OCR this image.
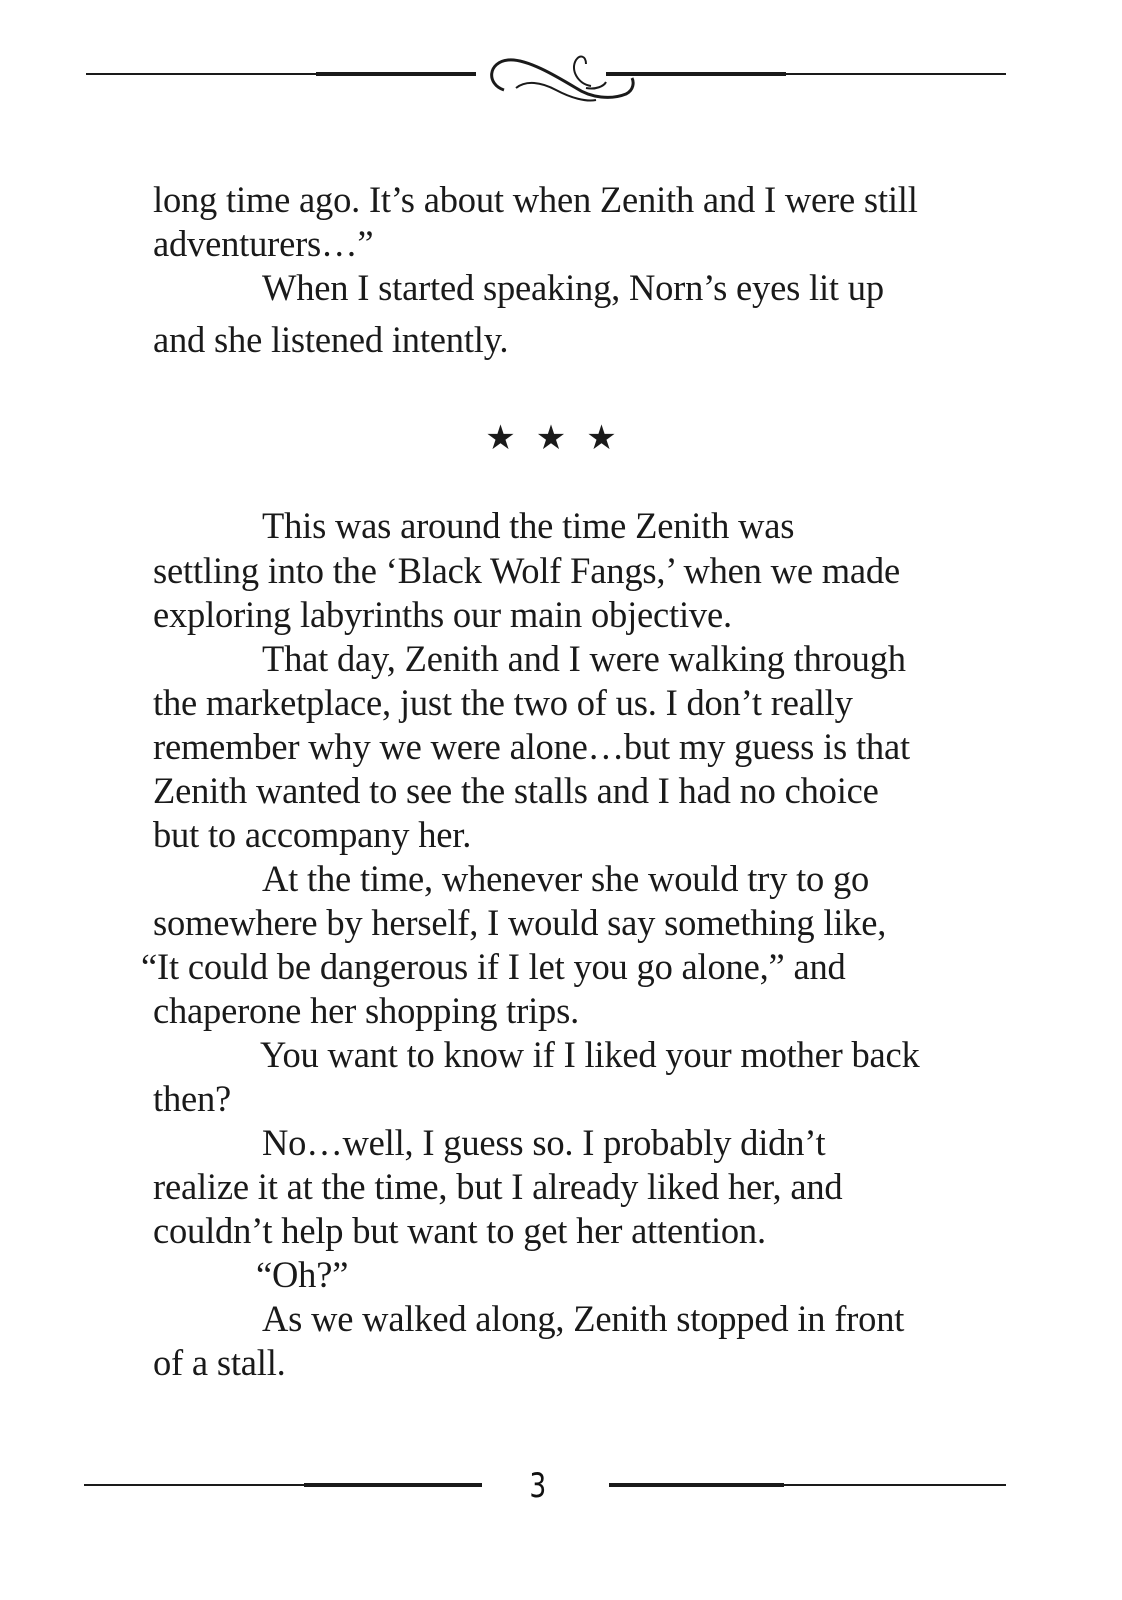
long time ago. It’s about when Zenith and I were still
adventurers…”
When I started speaking, Norn’s eyes lit up
and she listened intently.
★★★
This was around the time Zenith was
settling into the ‘Black Wolf Fangs,’ when we made
exploring labyrinths our main objective.
That day, Zenith and I were walking through
the marketplace, just the two of us. I don’t really
remember why we were alone…but my guess is that
Zenith wanted to see the stalls and I had no choice
but to accompany her.
At the time, whenever she would try to go
somewhere by herself, I would say something like,
“It could be dangerous if I let you go alone,” and
chaperone her shopping trips.
You want to know if I liked your mother back
then?
No…well, I guess so. I probably didn’t
realize it at the time, but I already liked her, and
couldn’t help but want to get her attention.
“Oh?”
As we walked along, Zenith stopped in front
of a stall.
3
